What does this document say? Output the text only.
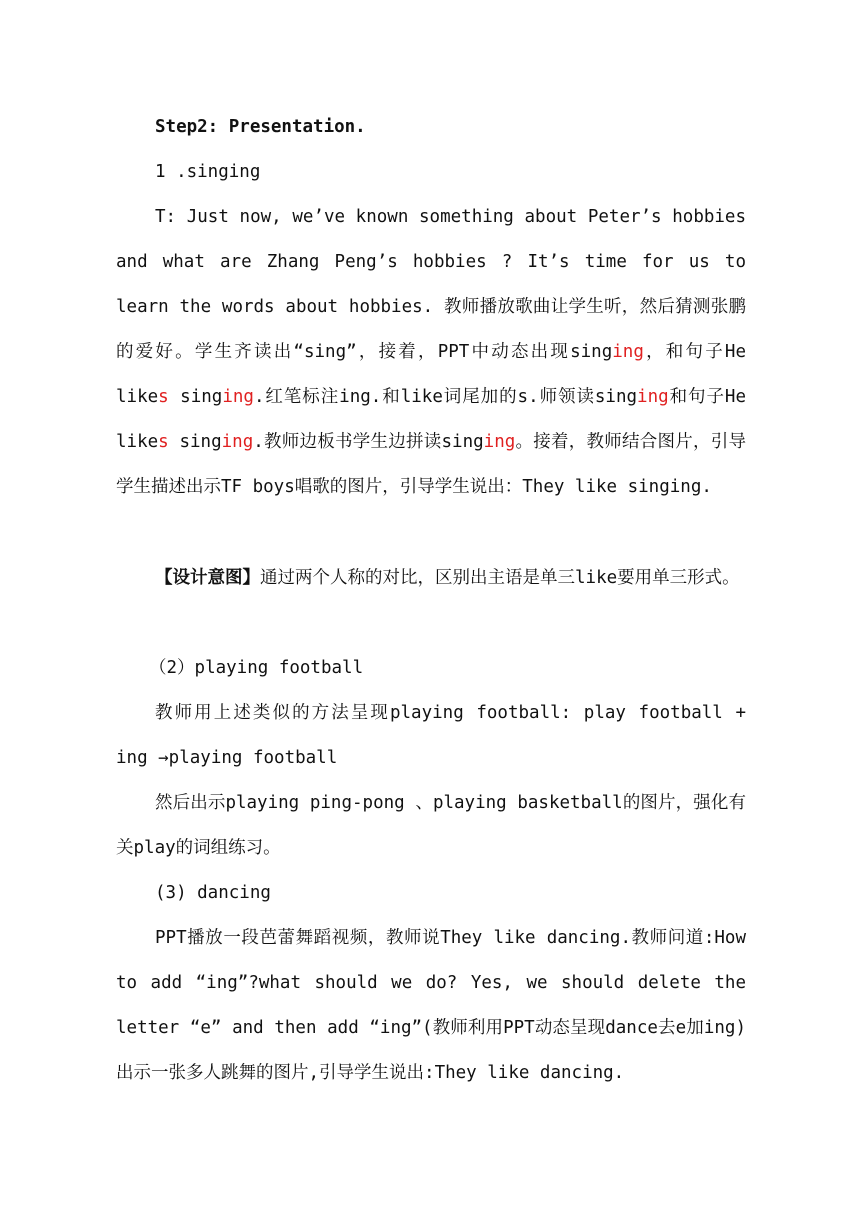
Step2: Presentation.

1 .singing

T: Just now, we’ve known something about Peter’s hobbies and what are Zhang Peng’s hobbies ? It’s time for us to learn the words about hobbies. 教师播放歌曲让学生听，然后猜测张鹏的爱好。学生齐读出“sing”，接着，PPT中动态出现singing，和句子He likes singing.红笔标注ing.和like词尾加的s.师领读singing和句子He likes singing.教师边板书学生边拼读singing。接着，教师结合图片，引导学生描述出示TF boys唱歌的图片，引导学生说出：They like singing.

【设计意图】通过两个人称的对比，区别出主语是单三like要用单三形式。

（2）playing football

教师用上述类似的方法呈现playing football: play football + ing →playing football

然后出示playing ping-pong 、playing basketball的图片，强化有关play的词组练习。

(3) dancing

PPT播放一段芭蕾舞蹈视频，教师说They like dancing.教师问道:How to add “ing”?what should we do? Yes, we should delete the letter “e” and then add “ing”(教师利用PPT动态呈现dance去e加ing) 出示一张多人跳舞的图片,引导学生说出:They like dancing.
